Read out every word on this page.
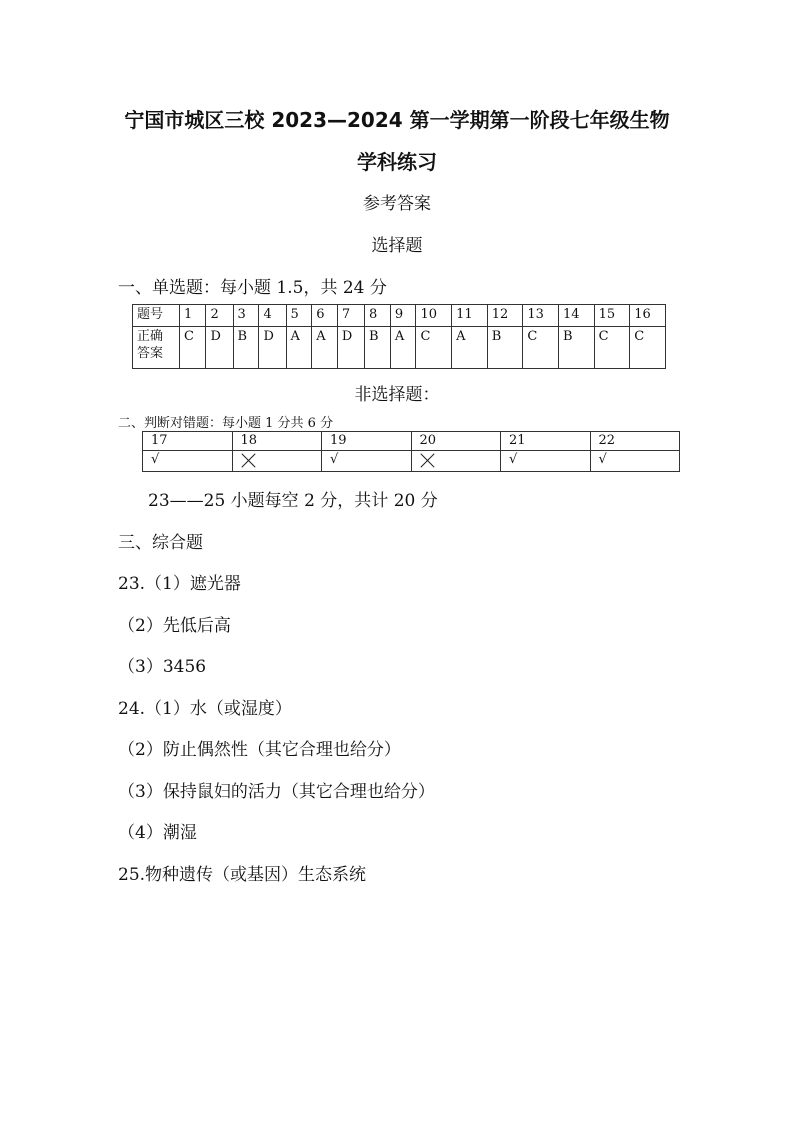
宁国市城区三校 2023—2024 第一学期第一阶段七年级生物
学科练习
参考答案
选择题
一、单选题：每小题 1.5，共 24 分
题号	1	2	3	4	5	6	7	8	9	10	11	12	13	14	15	16
正确答案	C	D	B	D	A	A	D	B	A	C	A	B	C	B	C	C
非选择题：
二、判断对错题：每小题 1 分共 6 分
17	18	19	20	21	22
√		√		√	√
23——25 小题每空 2 分，共计 20 分
三、综合题
23.（1）遮光器
（2）先低后高
（3）3456
24.（1）水（或湿度）
（2）防止偶然性（其它合理也给分）
（3）保持鼠妇的活力（其它合理也给分）
（4）潮湿
25.物种遗传（或基因）生态系统
